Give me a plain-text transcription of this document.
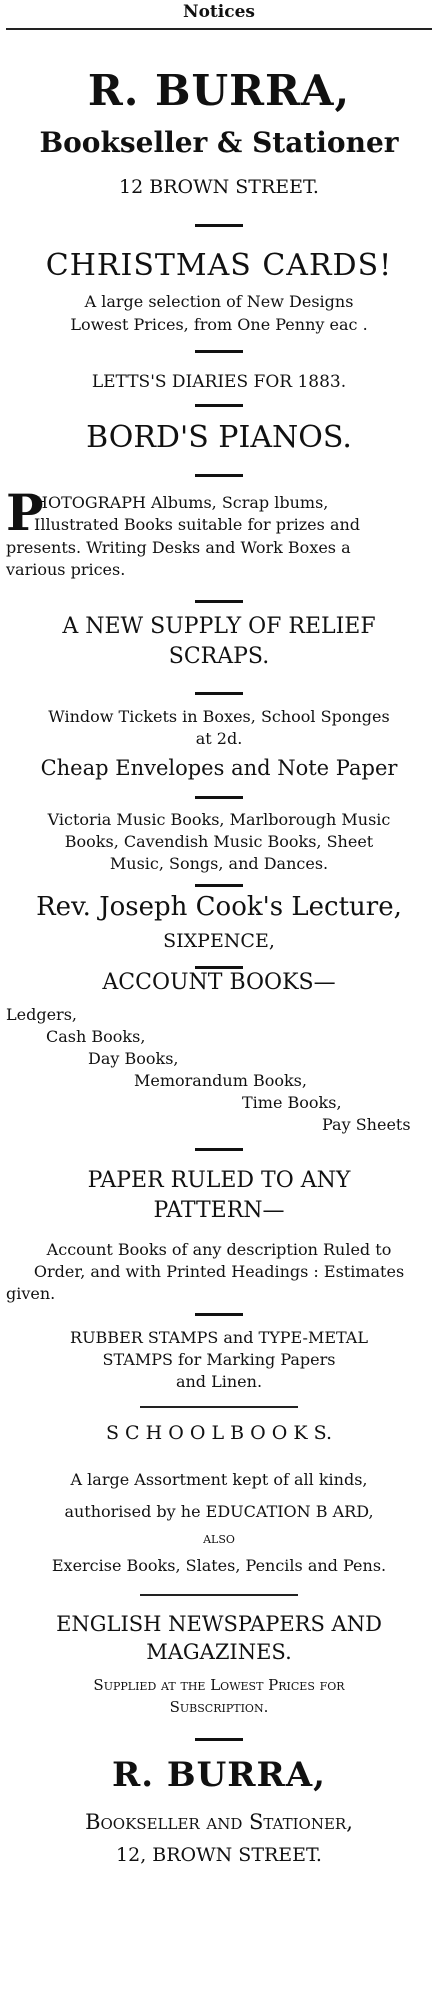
Notices
R. BURRA,
Bookseller & Stationer
12 BROWN STREET.
CHRISTMAS CARDS!
A large selection of New Designs
Lowest Prices, from One Penny eac .
LETTS'S DIARIES FOR 1883.
BORD'S PIANOS.
P
HOTOGRAPH Albums, Scrap lbums,
Illustrated Books suitable for prizes and
presents. Writing Desks and Work Boxes a
various prices.
A NEW SUPPLY OF RELIEF
SCRAPS.
Window Tickets in Boxes, School Sponges
at 2d.
Cheap Envelopes and Note Paper
Victoria Music Books, Marlborough Music
Books, Cavendish Music Books, Sheet
Music, Songs, and Dances.
Rev. Joseph Cook's Lecture,
SIXPENCE,
ACCOUNT BOOKS—
Ledgers,
Cash Books,
Day Books,
Memorandum Books,
Time Books,
Pay Sheets
PAPER RULED TO ANY
PATTERN—
Account Books of any description Ruled to
Order, and with Printed Headings : Estimates
given.
RUBBER STAMPS and TYPE-METAL
STAMPS for Marking Papers
and Linen.
S C H O O L B O O K S.
A large Assortment kept of all kinds,
authorised by he EDUCATION B ARD,
ALSO
Exercise Books, Slates, Pencils and Pens.
ENGLISH NEWSPAPERS AND
MAGAZINES.
Supplied at the Lowest Prices for
Subscription.
R. BURRA,
Bookseller and Stationer,
12, BROWN STREET.
